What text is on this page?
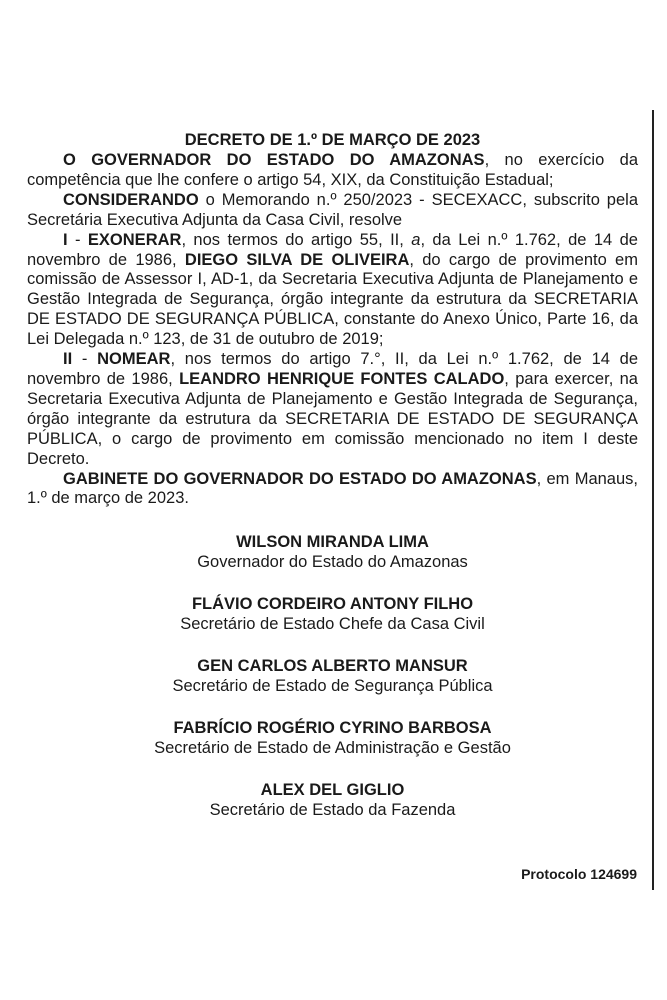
DECRETO DE 1.º DE MARÇO DE 2023

O GOVERNADOR DO ESTADO DO AMAZONAS, no exercício da competência que lhe confere o artigo 54, XIX, da Constituição Estadual;

CONSIDERANDO o Memorando n.º 250/2023 - SECEXACC, subscrito pela Secretária Executiva Adjunta da Casa Civil, resolve

I - EXONERAR, nos termos do artigo 55, II, a, da Lei n.º 1.762, de 14 de novembro de 1986, DIEGO SILVA DE OLIVEIRA, do cargo de provimento em comissão de Assessor I, AD-1, da Secretaria Executiva Adjunta de Planejamento e Gestão Integrada de Segurança, órgão integrante da estrutura da SECRETARIA DE ESTADO DE SEGURANÇA PÚBLICA, constante do Anexo Único, Parte 16, da Lei Delegada n.º 123, de 31 de outubro de 2019;

II - NOMEAR, nos termos do artigo 7.°, II, da Lei n.º 1.762, de 14 de novembro de 1986, LEANDRO HENRIQUE FONTES CALADO, para exercer, na Secretaria Executiva Adjunta de Planejamento e Gestão Integrada de Segurança, órgão integrante da estrutura da SECRETARIA DE ESTADO DE SEGURANÇA PÚBLICA, o cargo de provimento em comissão mencionado no item I deste Decreto.

GABINETE DO GOVERNADOR DO ESTADO DO AMAZONAS, em Manaus, 1.º de março de 2023.

WILSON MIRANDA LIMA
Governador do Estado do Amazonas
FLÁVIO CORDEIRO ANTONY FILHO
Secretário de Estado Chefe da Casa Civil
GEN CARLOS ALBERTO MANSUR
Secretário de Estado de Segurança Pública
FABRÍCIO ROGÉRIO CYRINO BARBOSA
Secretário de Estado de Administração e Gestão
ALEX DEL GIGLIO
Secretário de Estado da Fazenda
Protocolo 124699
